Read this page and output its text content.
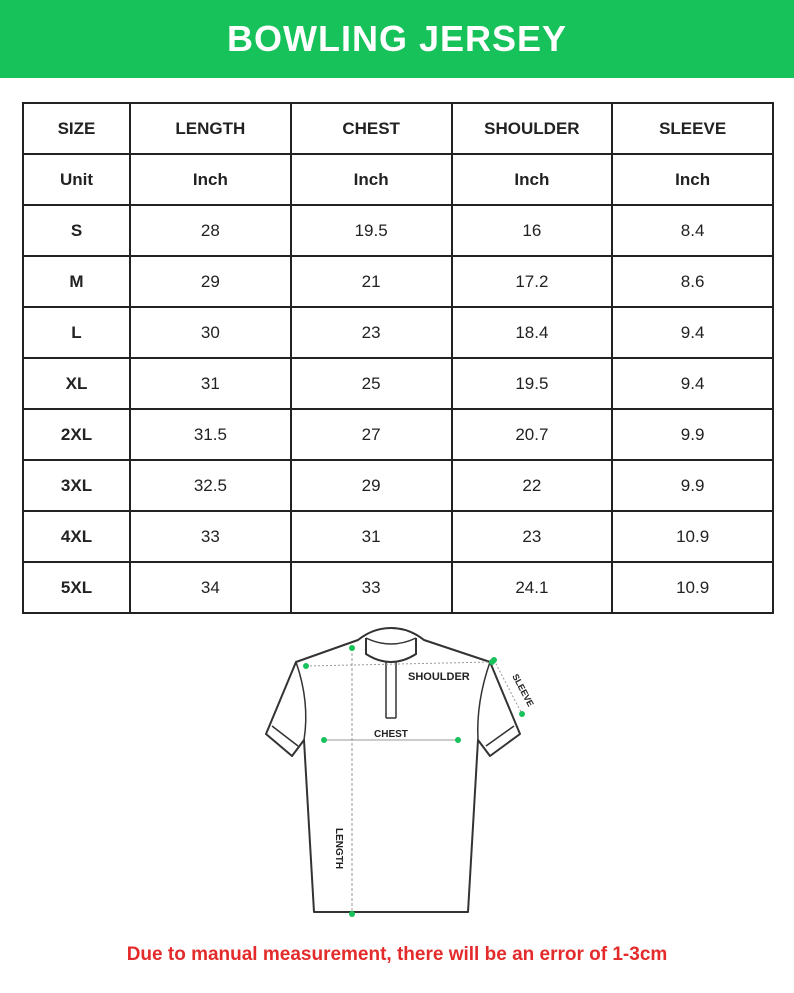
BOWLING JERSEY
SIZE	LENGTH	CHEST	SHOULDER	SLEEVE
Unit	Inch	Inch	Inch	Inch
S	28	19.5	16	8.4
M	29	21	17.2	8.6
L	30	23	18.4	9.4
XL	31	25	19.5	9.4
2XL	31.5	27	20.7	9.9
3XL	32.5	29	22	9.9
4XL	33	31	23	10.9
5XL	34	33	24.1	10.9
SHOULDER
CHEST
LENGTH
SLEEVE
Due to manual measurement, there will be an error of 1-3cm
